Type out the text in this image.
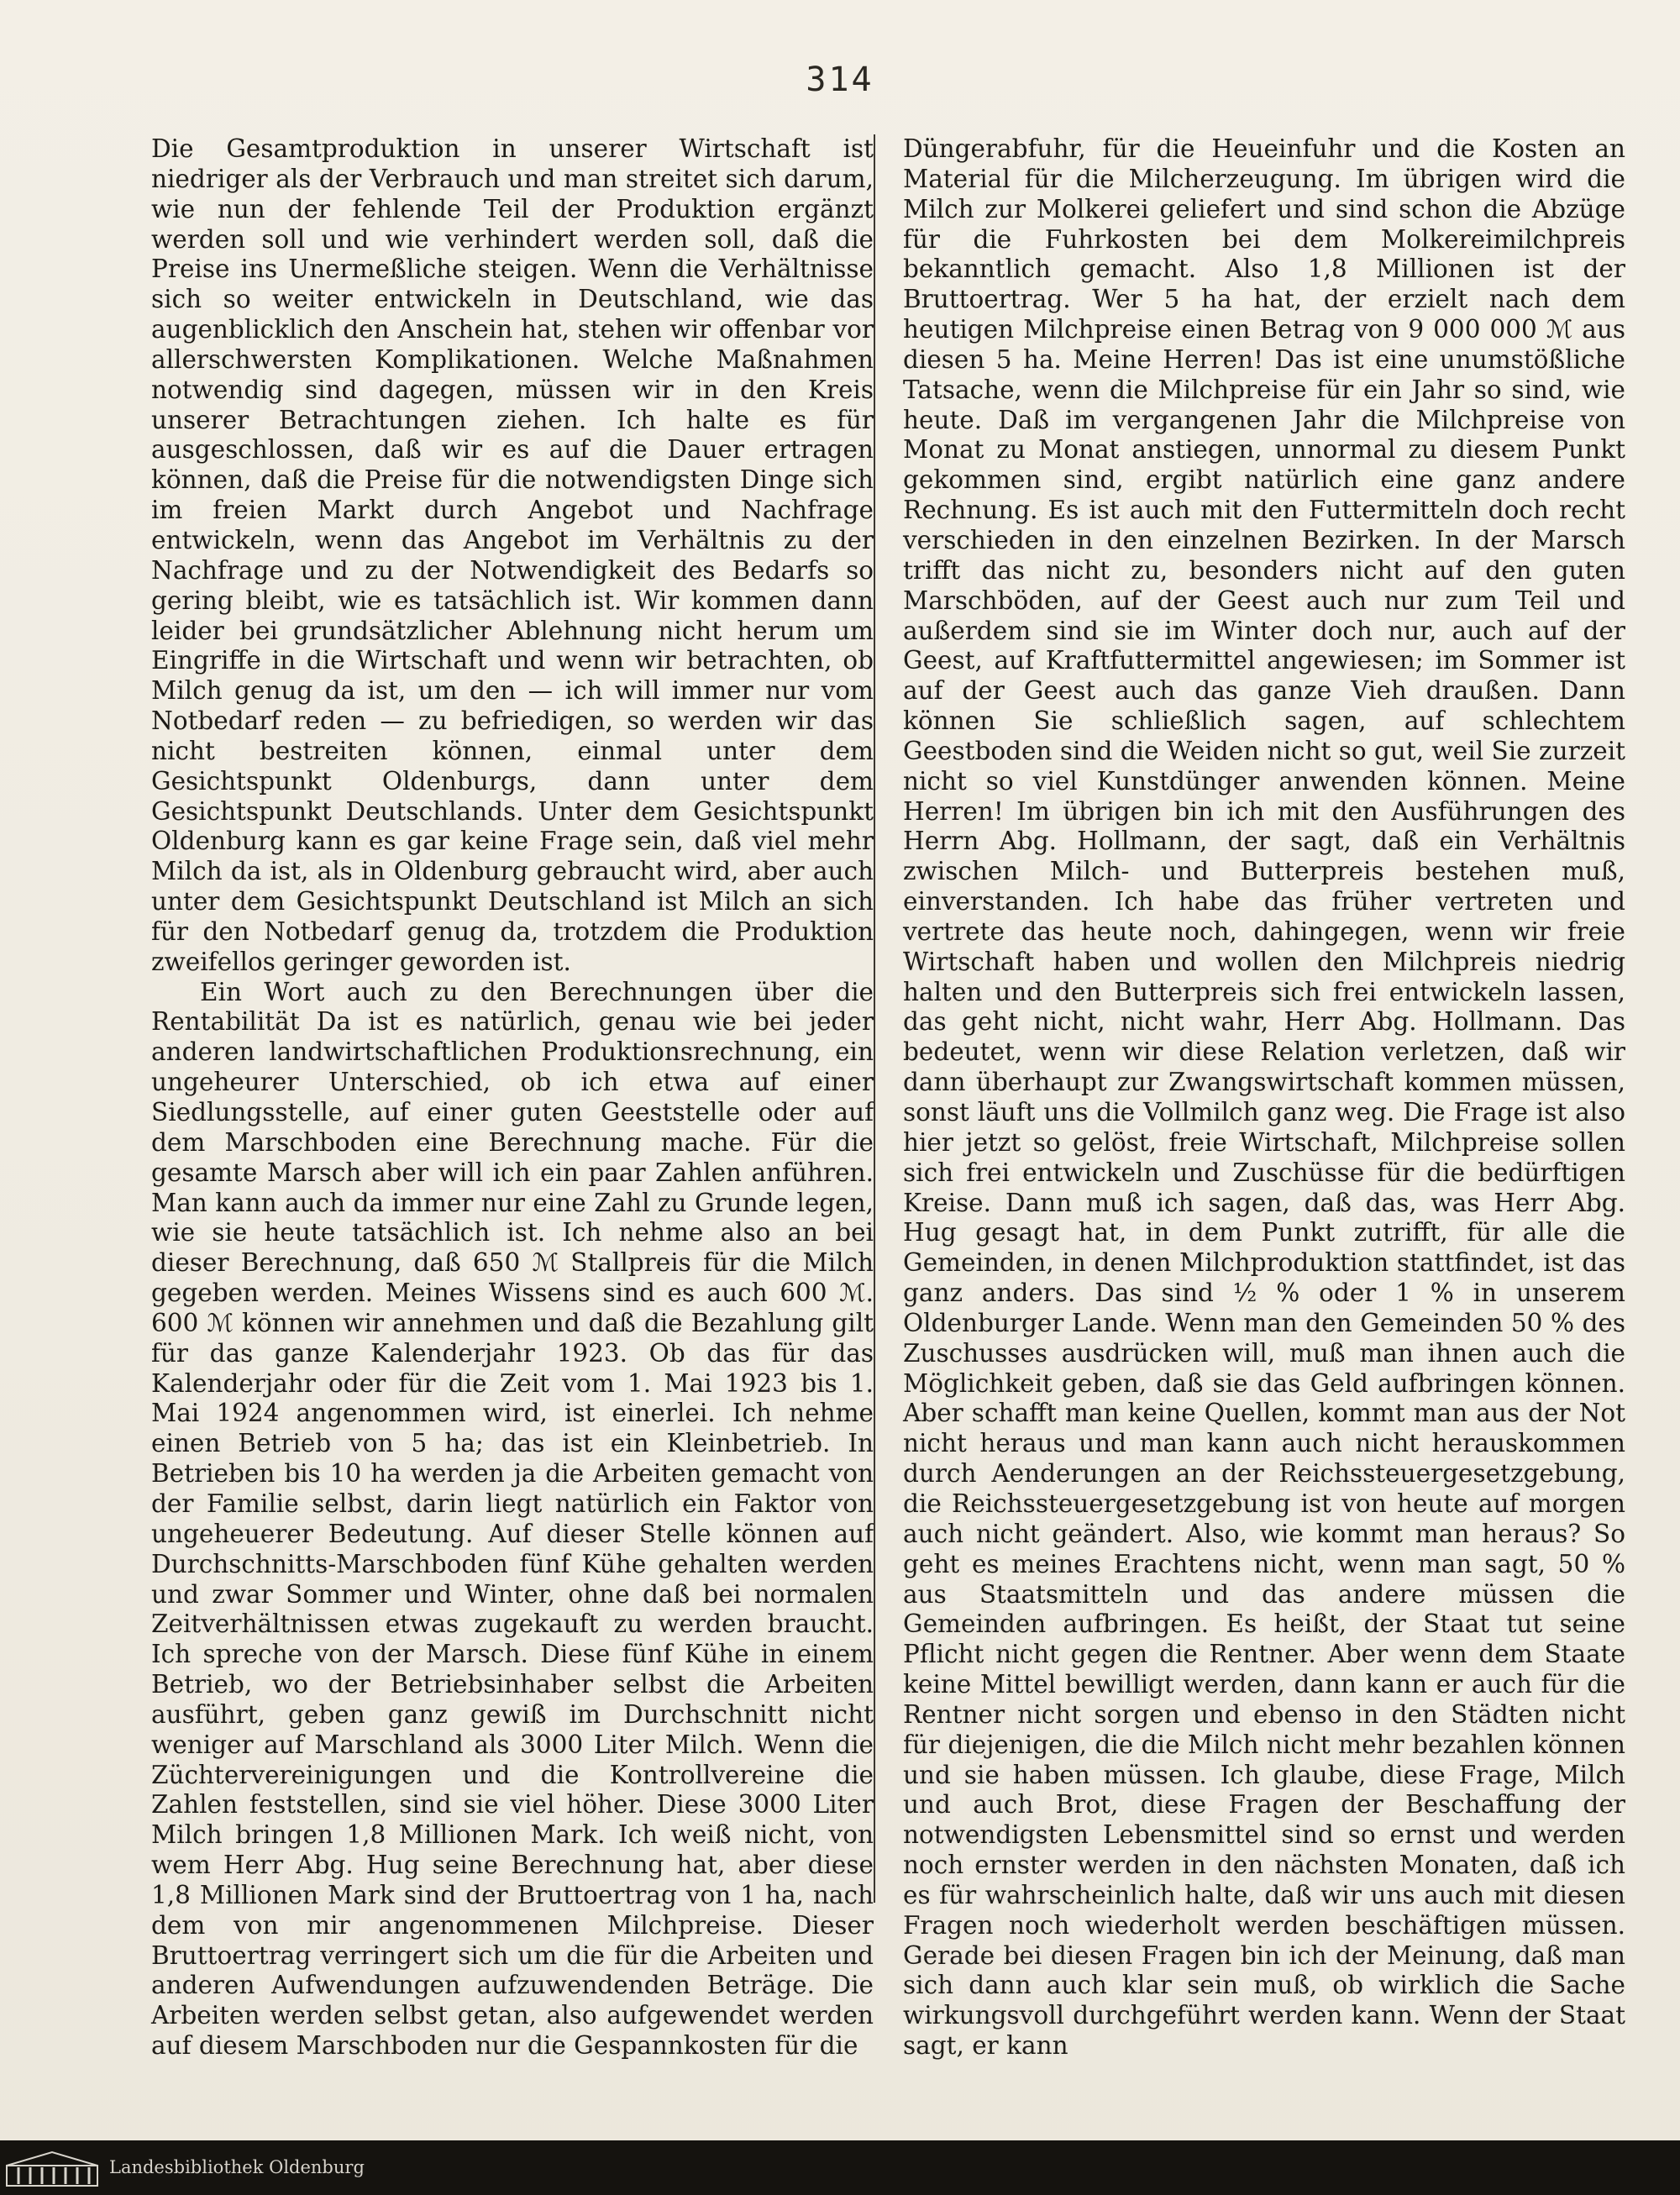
314

Die Gesamtproduktion in unserer Wirtschaft ist niedriger als der Verbrauch und man streitet sich darum, wie nun der fehlende Teil der Produktion ergänzt werden soll und wie verhindert werden soll, daß die Preise ins Unermeßliche steigen. Wenn die Verhältnisse sich so weiter entwickeln in Deutschland, wie das augenblicklich den Anschein hat, stehen wir offenbar vor allerschwersten Komplikationen. Welche Maßnahmen notwendig sind dagegen, müssen wir in den Kreis unserer Betrachtungen ziehen. Ich halte es für ausgeschlossen, daß wir es auf die Dauer ertragen können, daß die Preise für die notwendigsten Dinge sich im freien Markt durch Angebot und Nachfrage entwickeln, wenn das Angebot im Verhältnis zu der Nachfrage und zu der Notwendigkeit des Bedarfs so gering bleibt, wie es tatsächlich ist. Wir kommen dann leider bei grundsätzlicher Ablehnung nicht herum um Eingriffe in die Wirtschaft und wenn wir betrachten, ob Milch genug da ist, um den — ich will immer nur vom Notbedarf reden — zu befriedigen, so werden wir das nicht bestreiten können, einmal unter dem Gesichtspunkt Oldenburgs, dann unter dem Gesichtspunkt Deutschlands. Unter dem Gesichtspunkt Oldenburg kann es gar keine Frage sein, daß viel mehr Milch da ist, als in Oldenburg gebraucht wird, aber auch unter dem Gesichtspunkt Deutschland ist Milch an sich für den Notbedarf genug da, trotzdem die Produktion zweifellos geringer geworden ist.

Ein Wort auch zu den Berechnungen über die Rentabilität Da ist es natürlich, genau wie bei jeder anderen landwirtschaftlichen Produktionsrechnung, ein ungeheurer Unterschied, ob ich etwa auf einer Siedlungsstelle, auf einer guten Geeststelle oder auf dem Marschboden eine Berechnung mache. Für die gesamte Marsch aber will ich ein paar Zahlen anführen. Man kann auch da immer nur eine Zahl zu Grunde legen, wie sie heute tatsächlich ist. Ich nehme also an bei dieser Berechnung, daß 650 ℳ Stallpreis für die Milch gegeben werden. Meines Wissens sind es auch 600 ℳ. 600 ℳ können wir annehmen und daß die Bezahlung gilt für das ganze Kalenderjahr 1923. Ob das für das Kalenderjahr oder für die Zeit vom 1. Mai 1923 bis 1. Mai 1924 angenommen wird, ist einerlei. Ich nehme einen Betrieb von 5 ha; das ist ein Kleinbetrieb. In Betrieben bis 10 ha werden ja die Arbeiten gemacht von der Familie selbst, darin liegt natürlich ein Faktor von ungeheuerer Bedeutung. Auf dieser Stelle können auf Durchschnitts-Marschboden fünf Kühe gehalten werden und zwar Sommer und Winter, ohne daß bei normalen Zeitverhältnissen etwas zugekauft zu werden braucht. Ich spreche von der Marsch. Diese fünf Kühe in einem Betrieb, wo der Betriebsinhaber selbst die Arbeiten ausführt, geben ganz gewiß im Durchschnitt nicht weniger auf Marschland als 3000 Liter Milch. Wenn die Züchtervereinigungen und die Kontrollvereine die Zahlen feststellen, sind sie viel höher. Diese 3000 Liter Milch bringen 1,8 Millionen Mark. Ich weiß nicht, von wem Herr Abg. Hug seine Berechnung hat, aber diese 1,8 Millionen Mark sind der Bruttoertrag von 1 ha, nach dem von mir angenommenen Milchpreise. Dieser Bruttoertrag verringert sich um die für die Arbeiten und anderen Aufwendungen aufzuwendenden Beträge. Die Arbeiten werden selbst getan, also aufgewendet werden auf diesem Marschboden nur die Gespannkosten für die

Düngerabfuhr, für die Heueinfuhr und die Kosten an Material für die Milcherzeugung. Im übrigen wird die Milch zur Molkerei geliefert und sind schon die Abzüge für die Fuhrkosten bei dem Molkereimilchpreis bekanntlich gemacht. Also 1,8 Millionen ist der Bruttoertrag. Wer 5 ha hat, der erzielt nach dem heutigen Milchpreise einen Betrag von 9 000 000 ℳ aus diesen 5 ha. Meine Herren! Das ist eine unumstößliche Tatsache, wenn die Milchpreise für ein Jahr so sind, wie heute. Daß im vergangenen Jahr die Milchpreise von Monat zu Monat anstiegen, unnormal zu diesem Punkt gekommen sind, ergibt natürlich eine ganz andere Rechnung. Es ist auch mit den Futtermitteln doch recht verschieden in den einzelnen Bezirken. In der Marsch trifft das nicht zu, besonders nicht auf den guten Marschböden, auf der Geest auch nur zum Teil und außerdem sind sie im Winter doch nur, auch auf der Geest, auf Kraftfuttermittel angewiesen; im Sommer ist auf der Geest auch das ganze Vieh draußen. Dann können Sie schließlich sagen, auf schlechtem Geestboden sind die Weiden nicht so gut, weil Sie zurzeit nicht so viel Kunstdünger anwenden können. Meine Herren! Im übrigen bin ich mit den Ausführungen des Herrn Abg. Hollmann, der sagt, daß ein Verhältnis zwischen Milch- und Butterpreis bestehen muß, einverstanden. Ich habe das früher vertreten und vertrete das heute noch, dahingegen, wenn wir freie Wirtschaft haben und wollen den Milchpreis niedrig halten und den Butterpreis sich frei entwickeln lassen, das geht nicht, nicht wahr, Herr Abg. Hollmann. Das bedeutet, wenn wir diese Relation verletzen, daß wir dann überhaupt zur Zwangswirtschaft kommen müssen, sonst läuft uns die Vollmilch ganz weg. Die Frage ist also hier jetzt so gelöst, freie Wirtschaft, Milchpreise sollen sich frei entwickeln und Zuschüsse für die bedürftigen Kreise. Dann muß ich sagen, daß das, was Herr Abg. Hug gesagt hat, in dem Punkt zutrifft, für alle die Gemeinden, in denen Milchproduktion stattfindet, ist das ganz anders. Das sind ½ % oder 1 % in unserem Oldenburger Lande. Wenn man den Gemeinden 50 % des Zuschusses ausdrücken will, muß man ihnen auch die Möglichkeit geben, daß sie das Geld aufbringen können. Aber schafft man keine Quellen, kommt man aus der Not nicht heraus und man kann auch nicht herauskommen durch Aenderungen an der Reichssteuergesetzgebung, die Reichssteuergesetzgebung ist von heute auf morgen auch nicht geändert. Also, wie kommt man heraus? So geht es meines Erachtens nicht, wenn man sagt, 50 % aus Staatsmitteln und das andere müssen die Gemeinden aufbringen. Es heißt, der Staat tut seine Pflicht nicht gegen die Rentner. Aber wenn dem Staate keine Mittel bewilligt werden, dann kann er auch für die Rentner nicht sorgen und ebenso in den Städten nicht für diejenigen, die die Milch nicht mehr bezahlen können und sie haben müssen. Ich glaube, diese Frage, Milch und auch Brot, diese Fragen der Beschaffung der notwendigsten Lebensmittel sind so ernst und werden noch ernster werden in den nächsten Monaten, daß ich es für wahrscheinlich halte, daß wir uns auch mit diesen Fragen noch wiederholt werden beschäftigen müssen. Gerade bei diesen Fragen bin ich der Meinung, daß man sich dann auch klar sein muß, ob wirklich die Sache wirkungsvoll durchgeführt werden kann. Wenn der Staat sagt, er kann

Landesbibliothek Oldenburg
